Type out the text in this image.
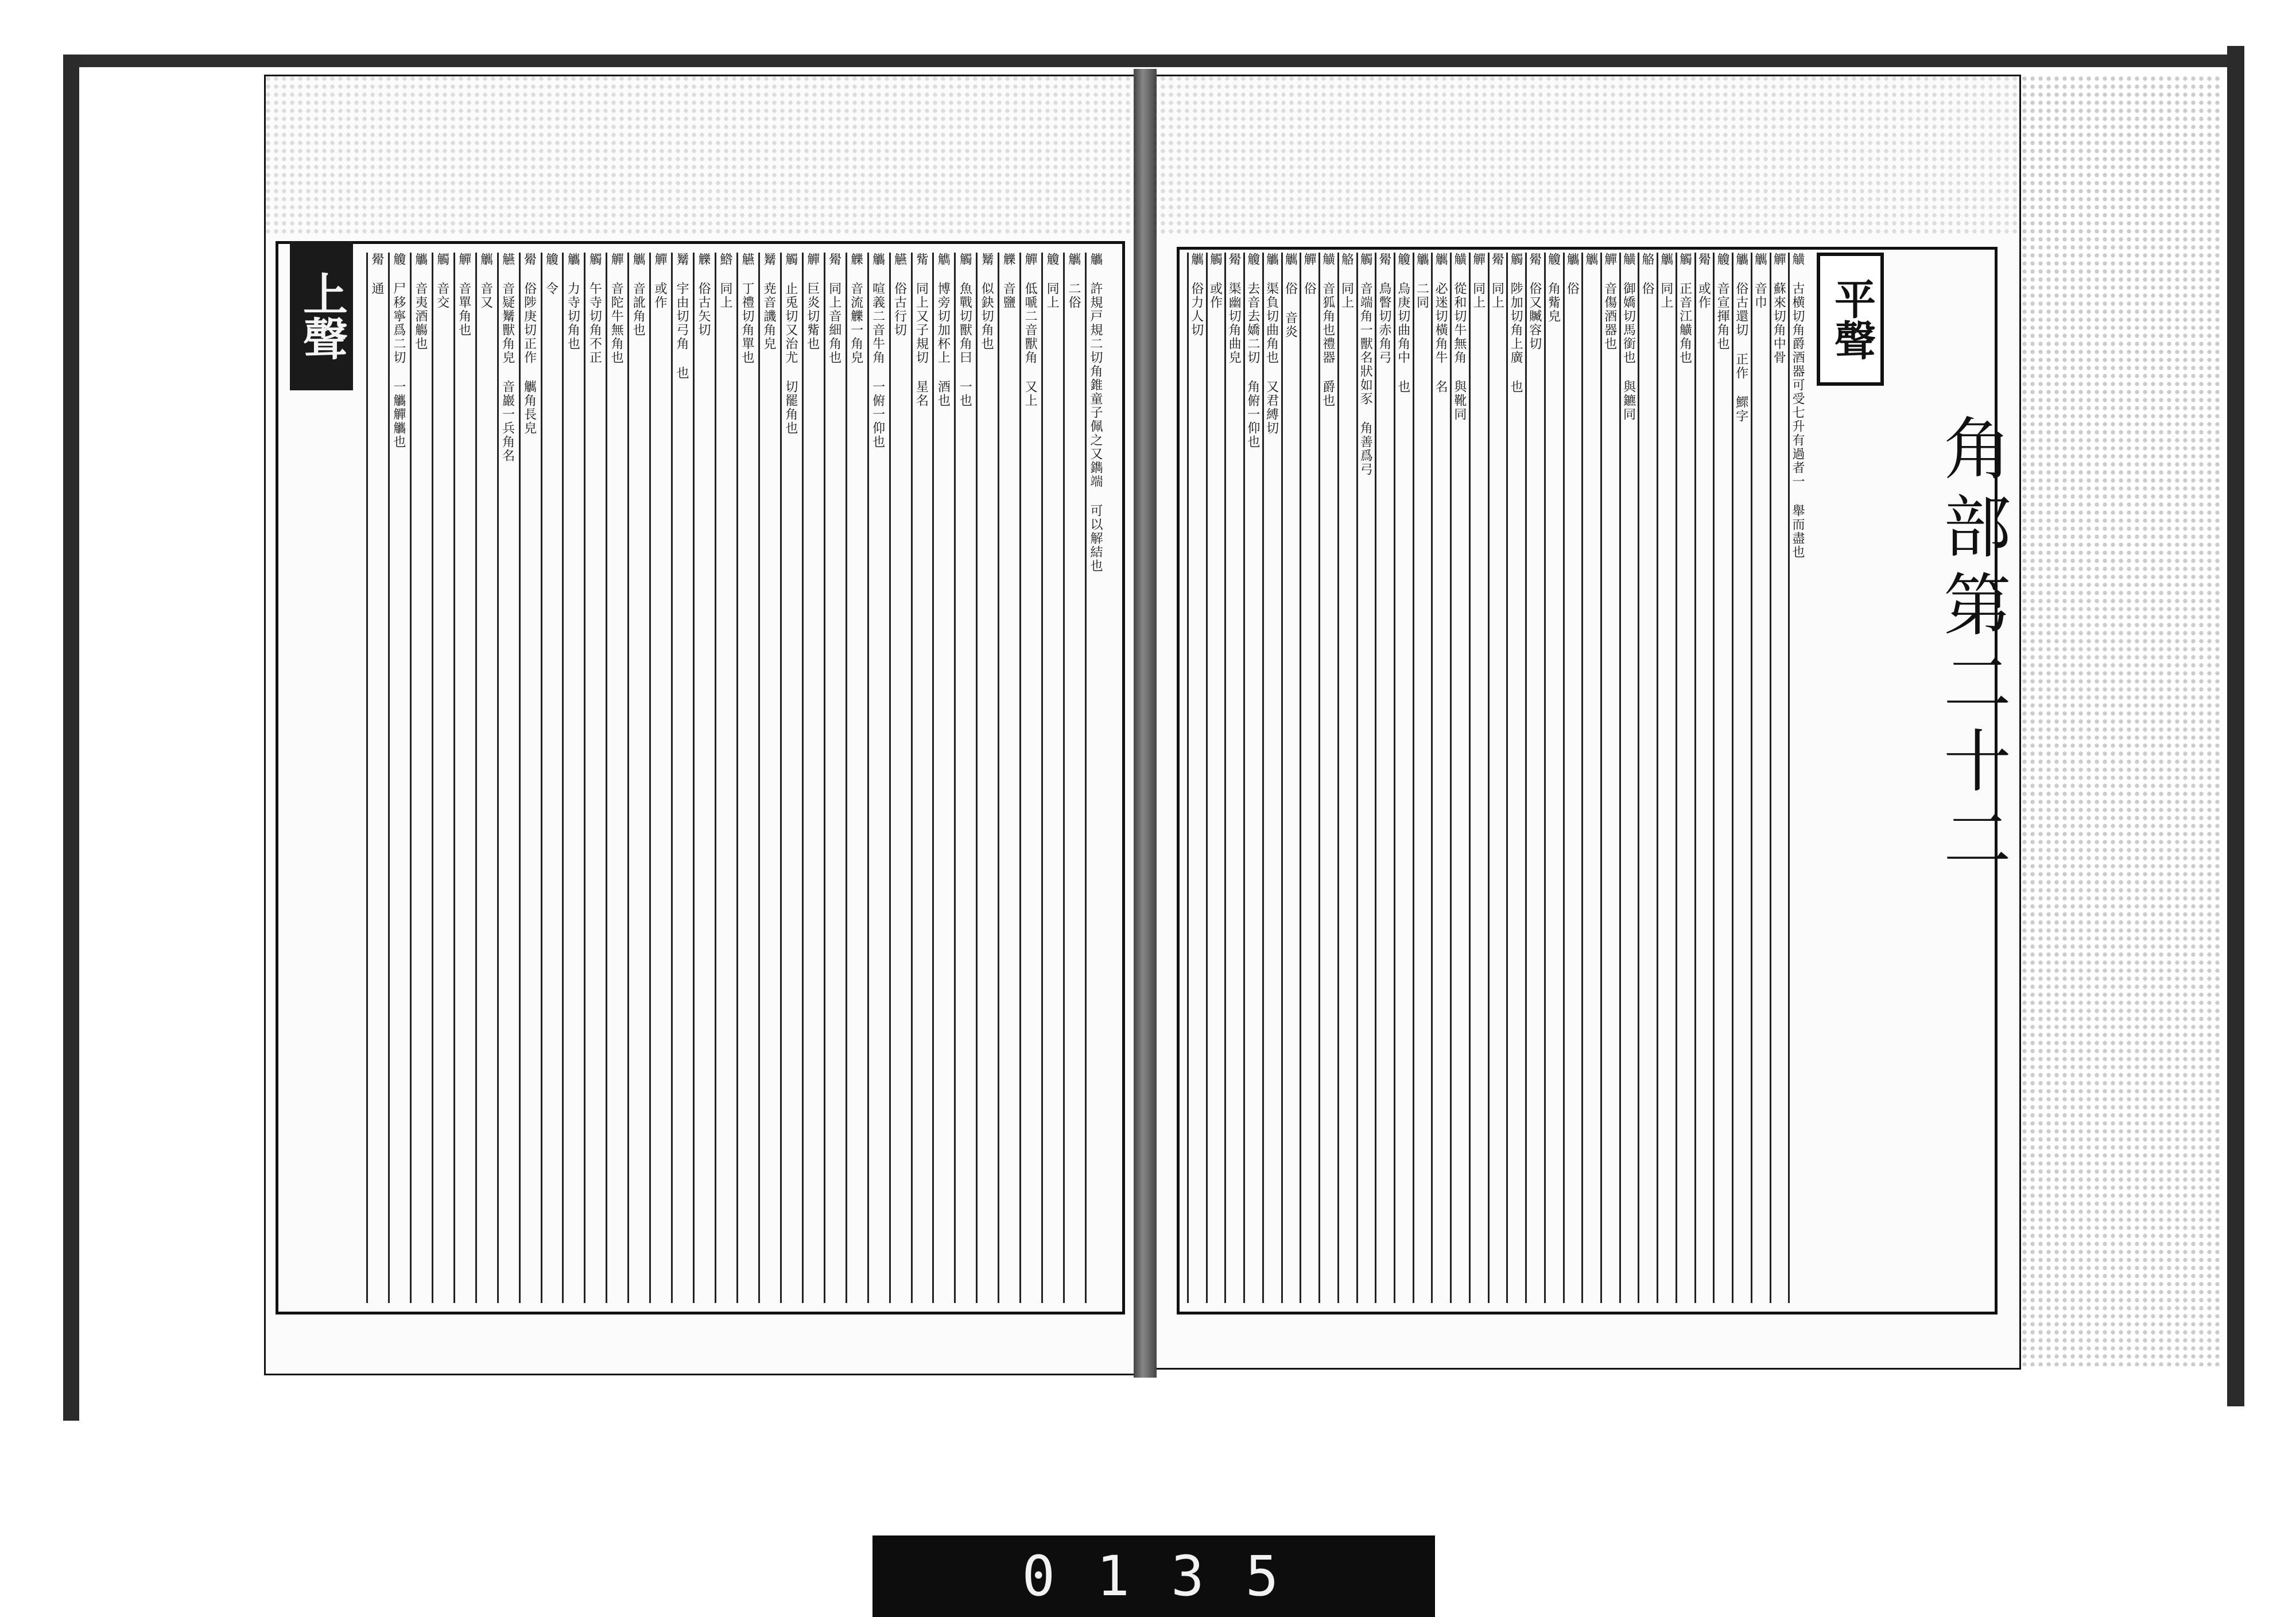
上聲	觿 許規戸規二切角錐童子佩之又鐫端 可以解結也
觽 二俗
觼 同上
觶 低嗁二音獸角 又上
觻 音鹽
觺 似鈌切角也
觸 魚戰切獸角曰 一也
觹 博旁切加杯上 酒也
觜 同上又子規切 星名
觾 俗古行切
觿 喧義二音牛角 一俯一仰也
觻 音流觻一角皃
觷 同上音細角也
觶 巨炎切觜也
觸 止兎切又治尤 切罷角也
觺 尭音譏角皃
觾 丁禮切角單也
鯦 同上
觻 俗古矢切
觺 宇由切弓角 也
觶 或作
觽 音訛角也
觶 音陀牛無角也
觸 午寺切角不正
觿 力寺切角也
觼 令
觷 俗陟庚切正作 觽角長皃
觾 音疑觺獸角皃 音巖一兵角名
觽 音又
觶 音單角也
觸 音交
觿 音夷酒觴也
觼 尸移寧爲二切 一觿觶觿也
觷 通
角部第二十二
平聲
觵 古横切角爵酒器可受七升有過者一 舉而盡也
觶 蘇來切角中骨
觽 音巾
觿 俗古還切 正作 鰥字
觼 音宣揮角也
觷 或作
觸 正音江觵角也
觽 同上
觡 俗
觵 御嬌切馬銜也 與鑣同
觶 音傷酒器也
觽
觿 俗
觼 角觜皃
觷 俗又贓容切
觸 陟加切角上廣 也
觷 同上
觶 同上
觵 從和切牛無角 與靴同
觽 必迷切橫角牛 名
觿 二同
觼 烏庚切曲角中 也
觷 鳥瞥切赤角弓
觸 音端角一獸名狀如豕 角善爲弓
觡 同上
觵 音狐角也禮器 爵也
觶 俗
觽 俗 音炎
觿 渠負切曲角也 又君縛切
觼 去音去嬌二切 角俯一仰也
觷 渠幽切角曲皃
觸 或作
觽 俗力人切
0135
